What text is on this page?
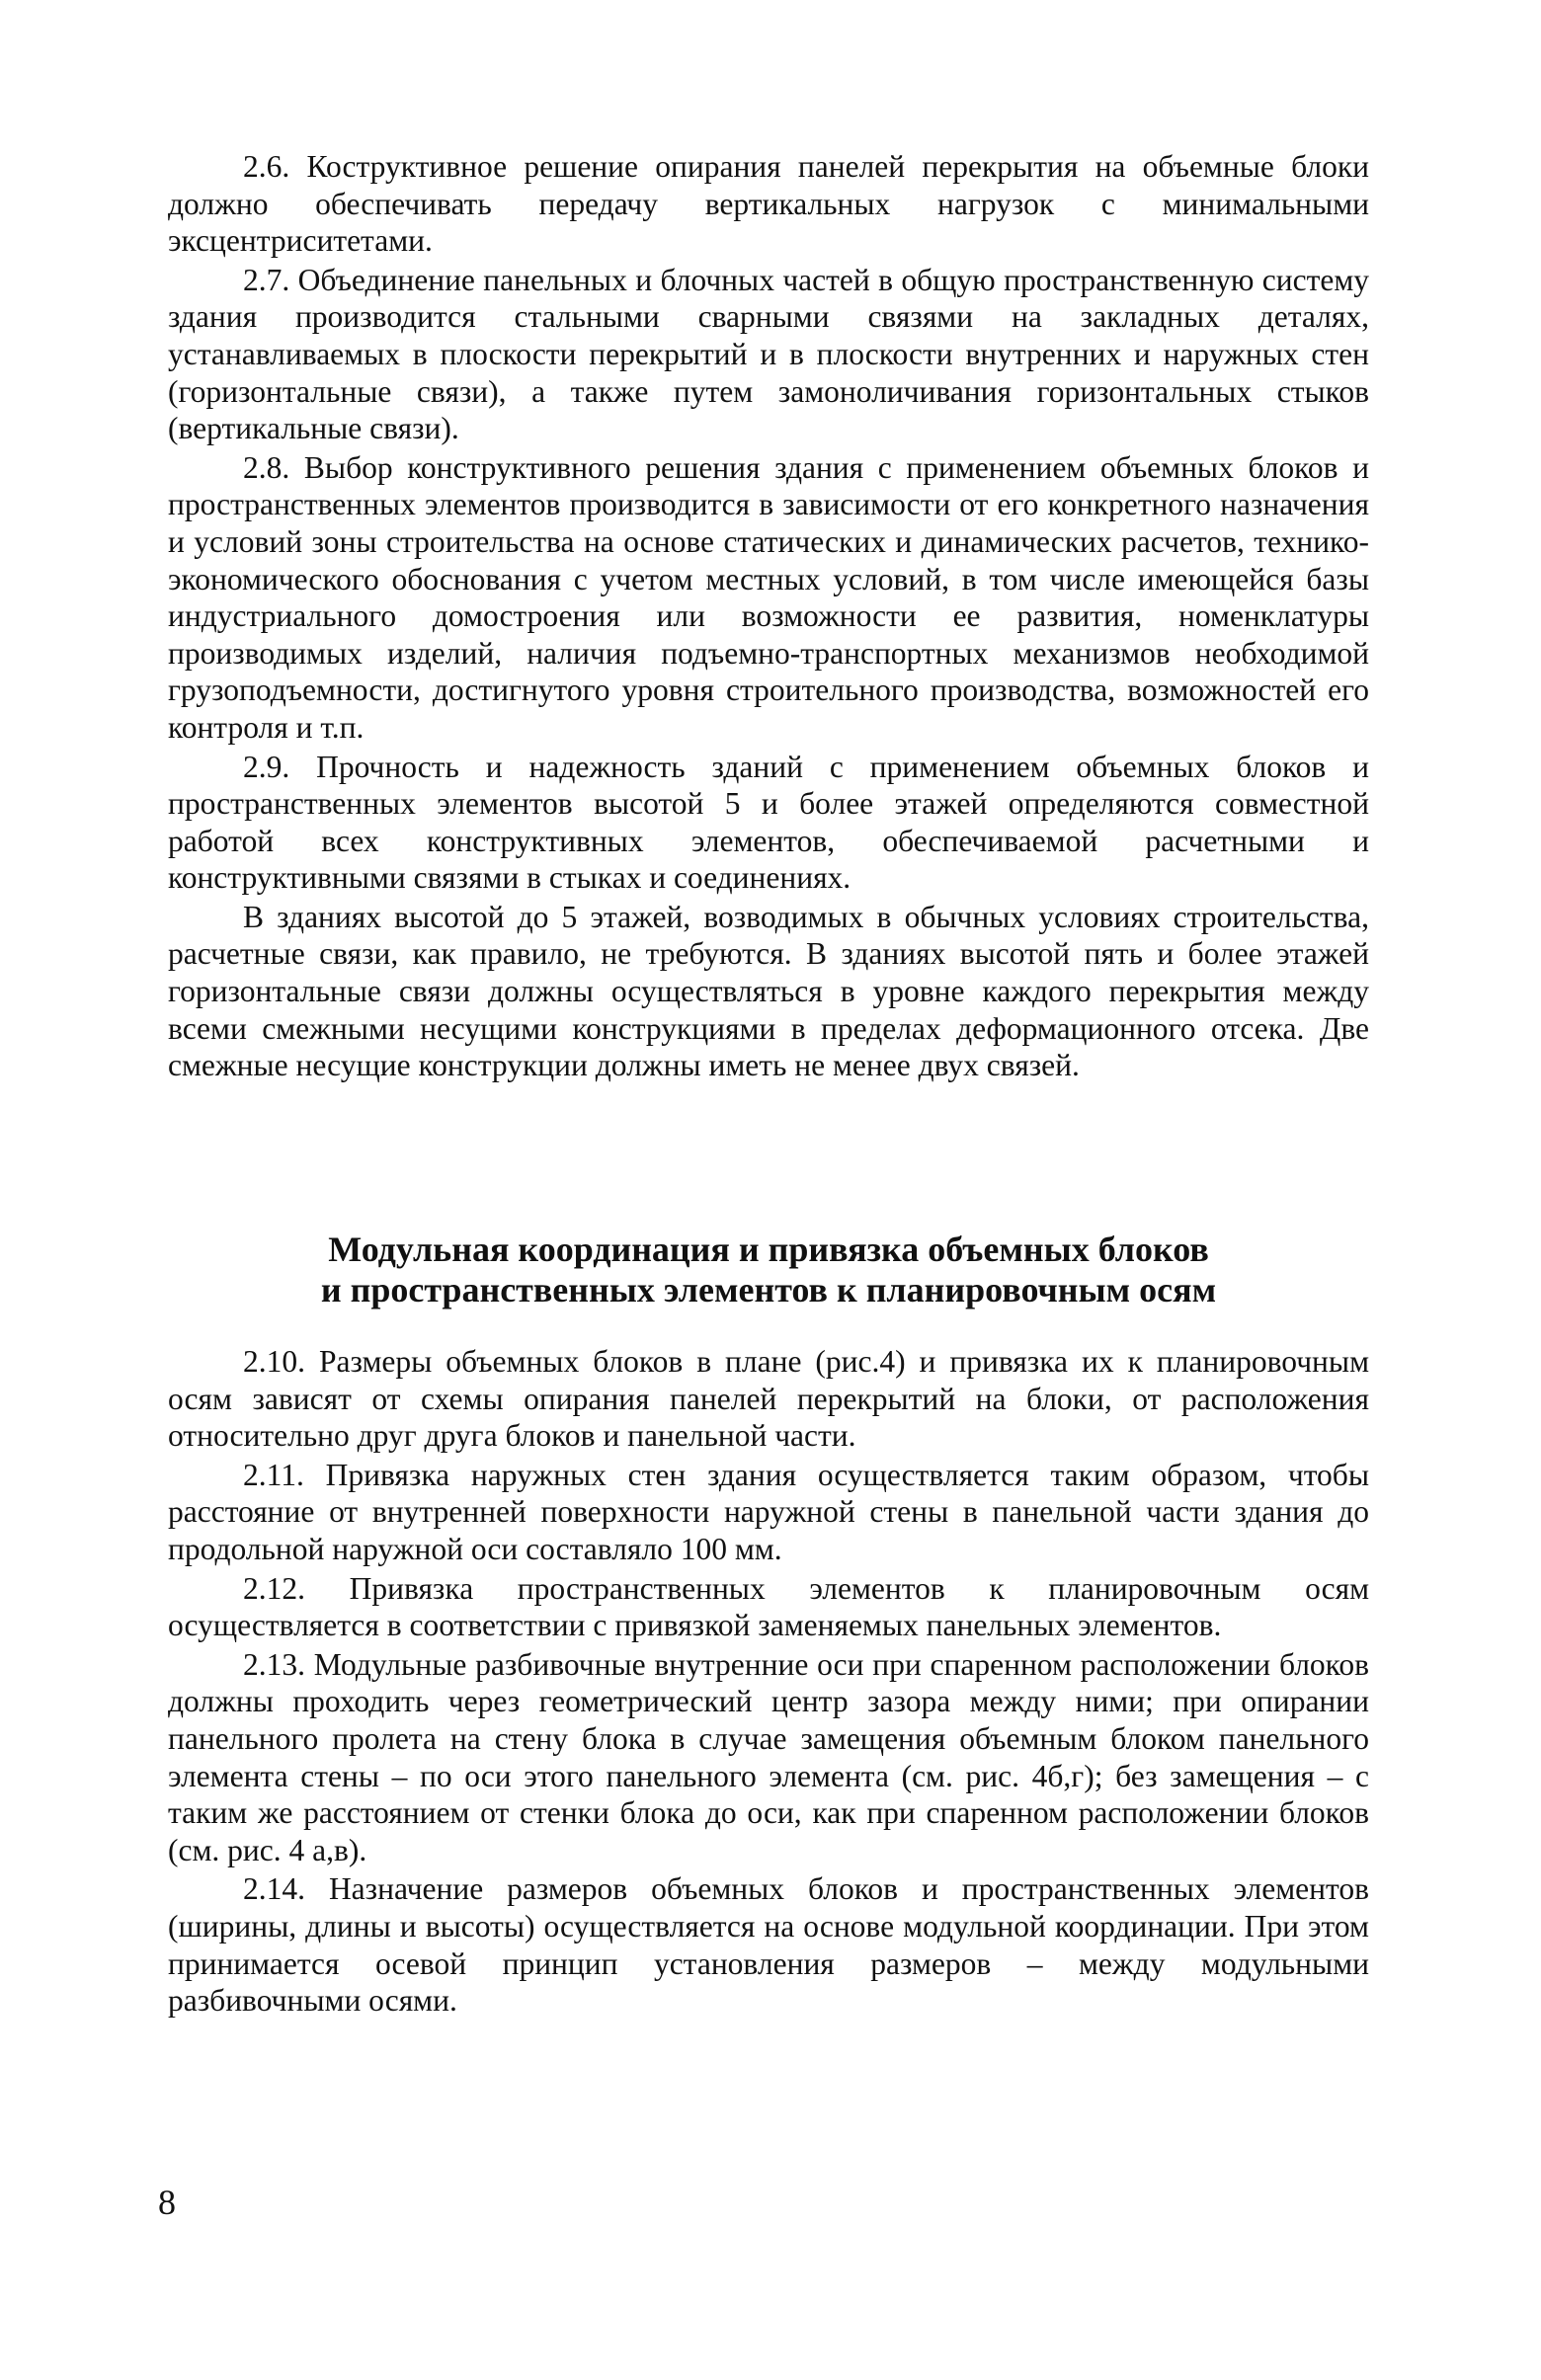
2.6. Коструктивное решение опирания панелей перекрытия на объемные блоки должно обеспечивать передачу вертикальных нагрузок с минимальными эксцентриситетами.

2.7. Объединение панельных и блочных частей в общую пространственную систему здания производится стальными сварными связями на закладных деталях, устанавливаемых в плоскости перекрытий и в плоскости внутренних и наружных стен (горизонтальные связи), а также путем замоноличивания горизонтальных стыков (вертикальные связи).

2.8. Выбор конструктивного решения здания с применением объемных блоков и пространственных элементов производится в зависимости от его конкретного назначения и условий зоны строительства на основе статических и динамических расчетов, технико-экономического обоснования с учетом местных условий, в том числе имеющейся базы индустриального домостроения или возможности ее развития, номенклатуры производимых изделий, наличия подъемно-транспортных механизмов необходимой грузоподъемности, достигнутого уровня строительного производства, возможностей его контроля и т.п.

2.9. Прочность и надежность зданий с применением объемных блоков и пространственных элементов высотой 5 и более этажей определяются совместной работой всех конструктивных элементов, обеспечиваемой расчетными и конструктивными связями в стыках и соединениях.

В зданиях высотой до 5 этажей, возводимых в обычных условиях строительства, расчетные связи, как правило, не требуются. В зданиях высотой пять и более этажей горизонтальные связи должны осуществляться в уровне каждого перекрытия между всеми смежными несущими конструкциями в пределах деформационного отсека. Две смежные несущие конструкции должны иметь не менее двух связей.

Модульная координация и привязка объемных блоков
и пространственных элементов к планировочным осям

2.10. Размеры объемных блоков в плане (рис.4) и привязка их к планировочным осям зависят от схемы опирания панелей перекрытий на блоки, от расположения относительно друг друга блоков и панельной части.

2.11. Привязка наружных стен здания осуществляется таким образом, чтобы расстояние от внутренней поверхности наружной стены в панельной части здания до продольной наружной оси составляло 100 мм.

2.12. Привязка пространственных элементов к планировочным осям осуществляется в соответствии с привязкой заменяемых панельных элементов.

2.13. Модульные разбивочные внутренние оси при спаренном расположении блоков должны проходить через геометрический центр зазора между ними; при опирании панельного пролета на стену блока в случае замещения объемным блоком панельного элемента стены – по оси этого панельного элемента (см. рис. 4б,г); без замещения – с таким же расстоянием от стенки блока до оси, как при спаренном расположении блоков (см. рис. 4 а,в).

2.14. Назначение размеров объемных блоков и пространственных элементов (ширины, длины и высоты) осуществляется на основе модульной координации. При этом принимается осевой принцип установления размеров – между модульными разбивочными осями.

8
